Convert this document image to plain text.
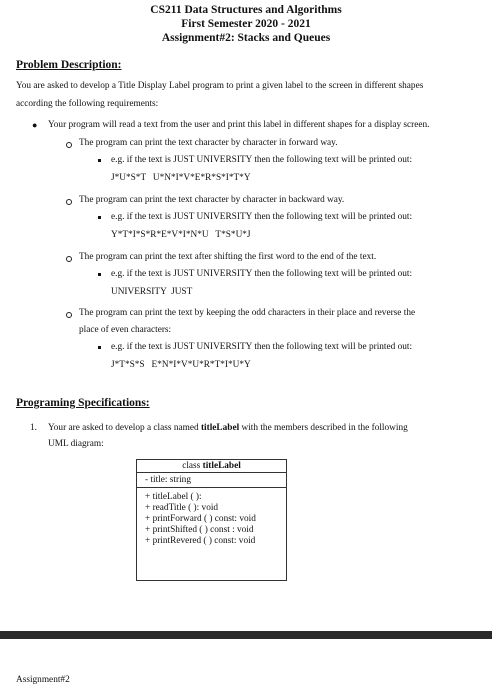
CS211 Data Structures and Algorithms
First Semester 2020 - 2021
Assignment#2: Stacks and Queues
Problem Description:
You are asked to develop a Title Display Label program to print a given label to the screen in different shapes
according the following requirements:
● Your program will read a text from the user and print this label in different shapes for a display screen.
The program can print the text character by character in forward way.
e.g. if the text is JUST UNIVERSITY then the following text will be printed out:
J*U*S*T   U*N*I*V*E*R*S*I*T*Y
The program can print the text character by character in backward way.
e.g. if the text is JUST UNIVERSITY then the following text will be printed out:
Y*T*I*S*R*E*V*I*N*U   T*S*U*J
The program can print the text after shifting the first word to the end of the text.
e.g. if the text is JUST UNIVERSITY then the following text will be printed out:
UNIVERSITY  JUST
The program can print the text by keeping the odd characters in their place and reverse the
place of even characters:
e.g. if the text is JUST UNIVERSITY then the following text will be printed out:
J*T*S*S   E*N*I*V*U*R*T*I*U*Y
Programing Specifications:
1. Your are asked to develop a class named titleLabel with the members described in the following
UML diagram:
class titleLabel
- title: string
+ titleLabel ( ):
+ readTitle ( ): void
+ printForward ( ) const: void
+ printShifted ( ) const : void
+ printRevered ( ) const: void
Assignment#2
